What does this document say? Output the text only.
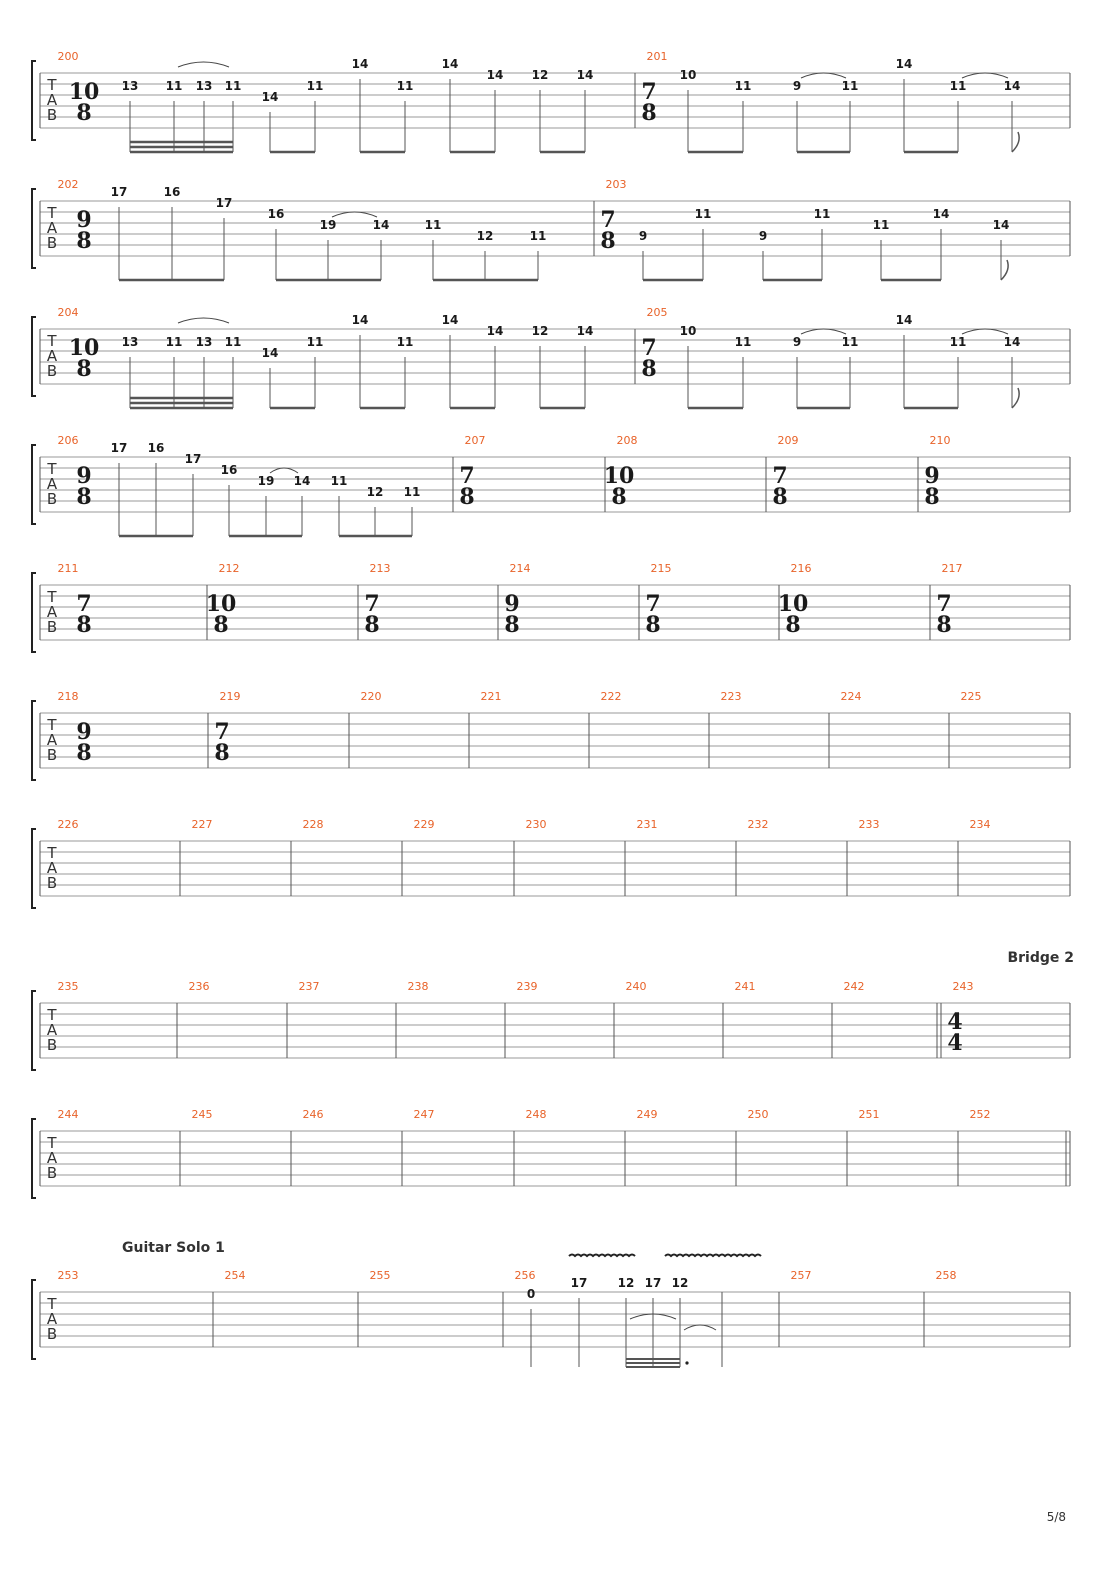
T
A
B
200
10
8
13 11 13 11
14
11
14
11
14
14 12 14
201
7
8
10
11	9	11
14
11	14
T
A
B
202
9
8
17	16
17
16
19	14	11
12	11
203
7
8 9
11
9
11
11
14
14
T
A
B
204
10
8
13 11 13 11
14
11
14
11
14
14 12 14
205
7
8
10
11	9	11
14
11	14
T
A
B
206
9
8
17 16
17
16
19 14 11
12 11
207
7
8
208
10
8
209
7
8
210
9
8
T
A
B
211
7
8
212
10
8
213
7
8
214
9
8
215
7
8
216
10
8
217
7
8
T
A
B
218
9
8
219
7
8
220	221	222	223	224	225
T
A
B
226	227	228	229	230	231	232	233	234
T
A
B
Bridge 2
235	236	237	238	239	240	241	242	243
4
4
T
A
B
244	245	246	247	248	249	250	251	252
T
A
B
Guitar Solo 1
253	254	255	256
0
17	12 17 12
257	258
5/8
